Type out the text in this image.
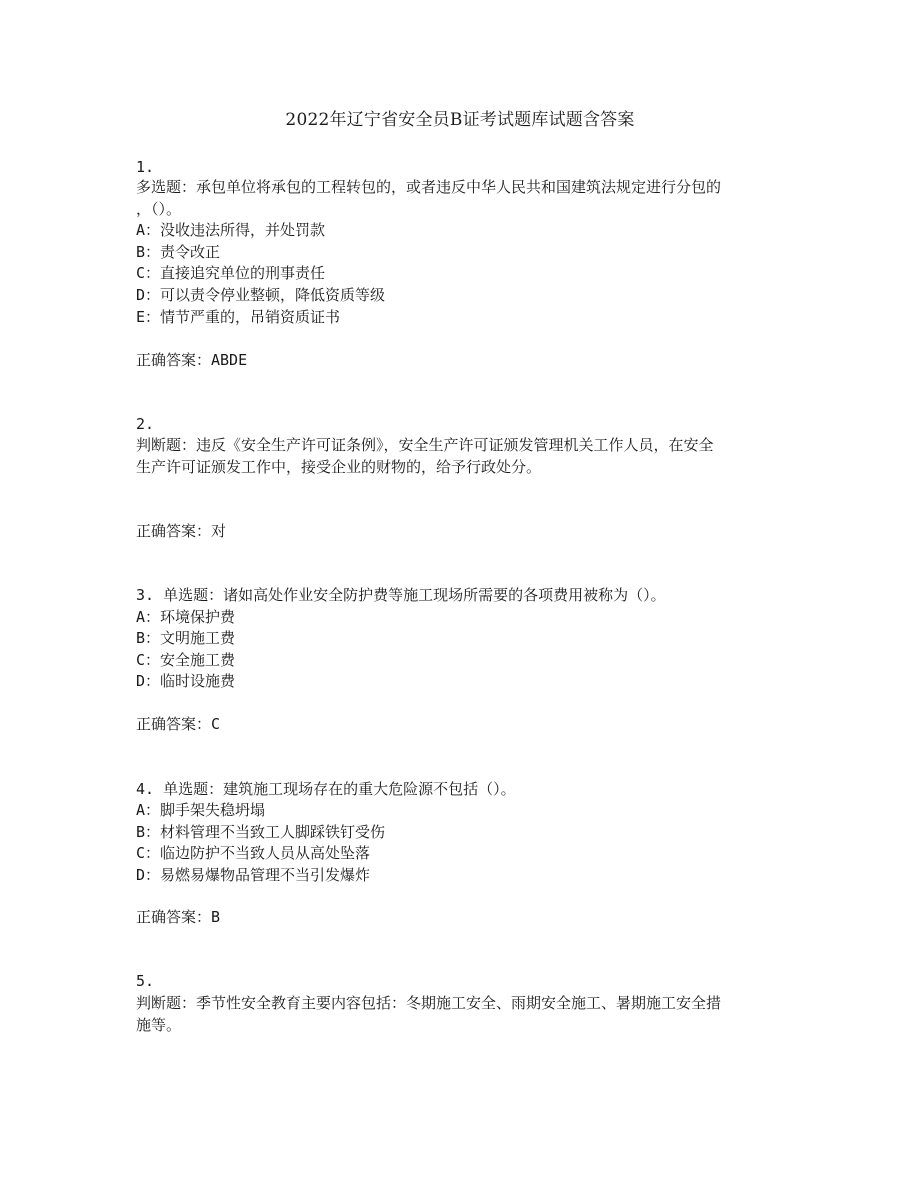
2022年辽宁省安全员B证考试题库试题含答案
1.
多选题：承包单位将承包的工程转包的，或者违反中华人民共和国建筑法规定进行分包的
，（）。
A：没收违法所得，并处罚款
B：责令改正
C：直接追究单位的刑事责任
D：可以责令停业整顿，降低资质等级
E：情节严重的，吊销资质证书
正确答案：ABDE
2.
判断题：违反《安全生产许可证条例》，安全生产许可证颁发管理机关工作人员，在安全
生产许可证颁发工作中，接受企业的财物的，给予行政处分。
正确答案：对
3. 单选题：诸如高处作业安全防护费等施工现场所需要的各项费用被称为（）。
A：环境保护费
B：文明施工费
C：安全施工费
D：临时设施费
正确答案：C
4. 单选题：建筑施工现场存在的重大危险源不包括（）。
A：脚手架失稳坍塌
B：材料管理不当致工人脚踩铁钉受伤
C：临边防护不当致人员从高处坠落
D：易燃易爆物品管理不当引发爆炸
正确答案：B
5.
判断题：季节性安全教育主要内容包括：冬期施工安全、雨期安全施工、暑期施工安全措
施等。
